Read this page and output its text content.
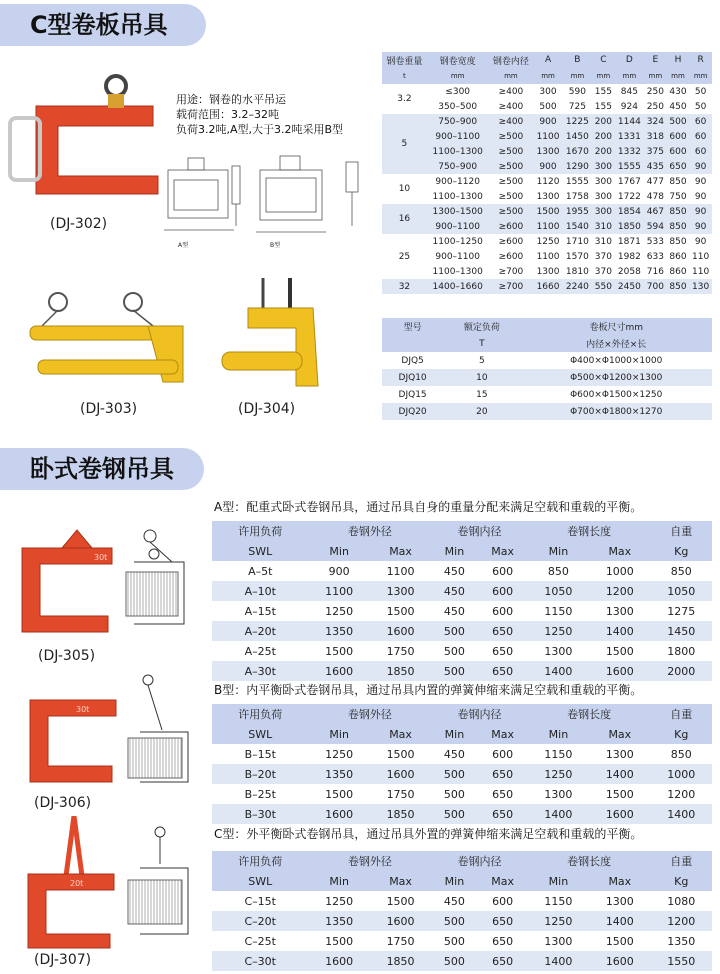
C型卷板吊具
(DJ-302)
用途：钢卷的水平吊运
载荷范围：3.2–32吨
负荷3.2吨,A型,大于3.2吨采用B型
A型	B型
(DJ-303)	(DJ-304)
钢卷重量	钢卷宽度	钢卷内径	A	B	C	D	E	H	R
t	mm	mm	mm	mm	mm	mm	mm	mm	mm
3.2	≤300	≥400	300	590	155	845	250	430	50
	350–500	≥400	500	725	155	924	250	450	50
5	750–900	≥400	900	1225	200	1144	324	500	60
	900–1100	≥500	1100	1450	200	1331	318	600	60
	1100–1300	≥500	1300	1670	200	1332	375	600	60
	750–900	≥500	900	1290	300	1555	435	650	90
10	900–1120	≥500	1120	1555	300	1767	477	850	90
	1100–1300	≥500	1300	1758	300	1722	478	750	90
16	1300–1500	≥500	1500	1955	300	1854	467	850	90
	900–1100	≥600	1100	1540	310	1850	594	850	90
25	1100–1250	≥600	1250	1710	310	1871	533	850	90
	900–1100	≥600	1100	1570	370	1982	633	860	110
	1100–1300	≥700	1300	1810	370	2058	716	860	110
32	1400–1660	≥700	1660	2240	550	2450	700	850	130
型号	额定负荷	卷板尺寸mm
	T	内径×外径×长
DJQ5	5	Φ400×Φ1000×1000
DJQ10	10	Φ500×Φ1200×1300
DJQ15	15	Φ600×Φ1500×1250
DJQ20	20	Φ700×Φ1800×1270
卧式卷钢吊具
A型：配重式卧式卷钢吊具，通过吊具自身的重量分配来满足空载和重载的平衡。
30t
(DJ-305)
许用负荷	卷钢外径		卷钢内径		卷钢长度		自重
SWL	Min	Max	Min	Max	Min	Max	Kg
A–5t	900	1100	450	600	850	1000	850
A–10t	1100	1300	450	600	1050	1200	1050
A–15t	1250	1500	450	600	1150	1300	1275
A–20t	1350	1600	500	650	1250	1400	1450
A–25t	1500	1750	500	650	1300	1500	1800
A–30t	1600	1850	500	650	1400	1600	2000
B型：内平衡卧式卷钢吊具，通过吊具内置的弹簧伸缩来满足空载和重载的平衡。
30t
(DJ-306)
许用负荷	卷钢外径		卷钢内径		卷钢长度		自重
SWL	Min	Max	Min	Max	Min	Max	Kg
B–15t	1250	1500	450	600	1150	1300	850
B–20t	1350	1600	500	650	1250	1400	1000
B–25t	1500	1750	500	650	1300	1500	1200
B–30t	1600	1850	500	650	1400	1600	1400
C型：外平衡卧式卷钢吊具，通过吊具外置的弹簧伸缩来满足空载和重载的平衡。
20t
(DJ-307)
许用负荷	卷钢外径		卷钢内径		卷钢长度		自重
SWL	Min	Max	Min	Max	Min	Max	Kg
C–15t	1250	1500	450	600	1150	1300	1080
C–20t	1350	1600	500	650	1250	1400	1200
C–25t	1500	1750	500	650	1300	1500	1350
C–30t	1600	1850	500	650	1400	1600	1550
